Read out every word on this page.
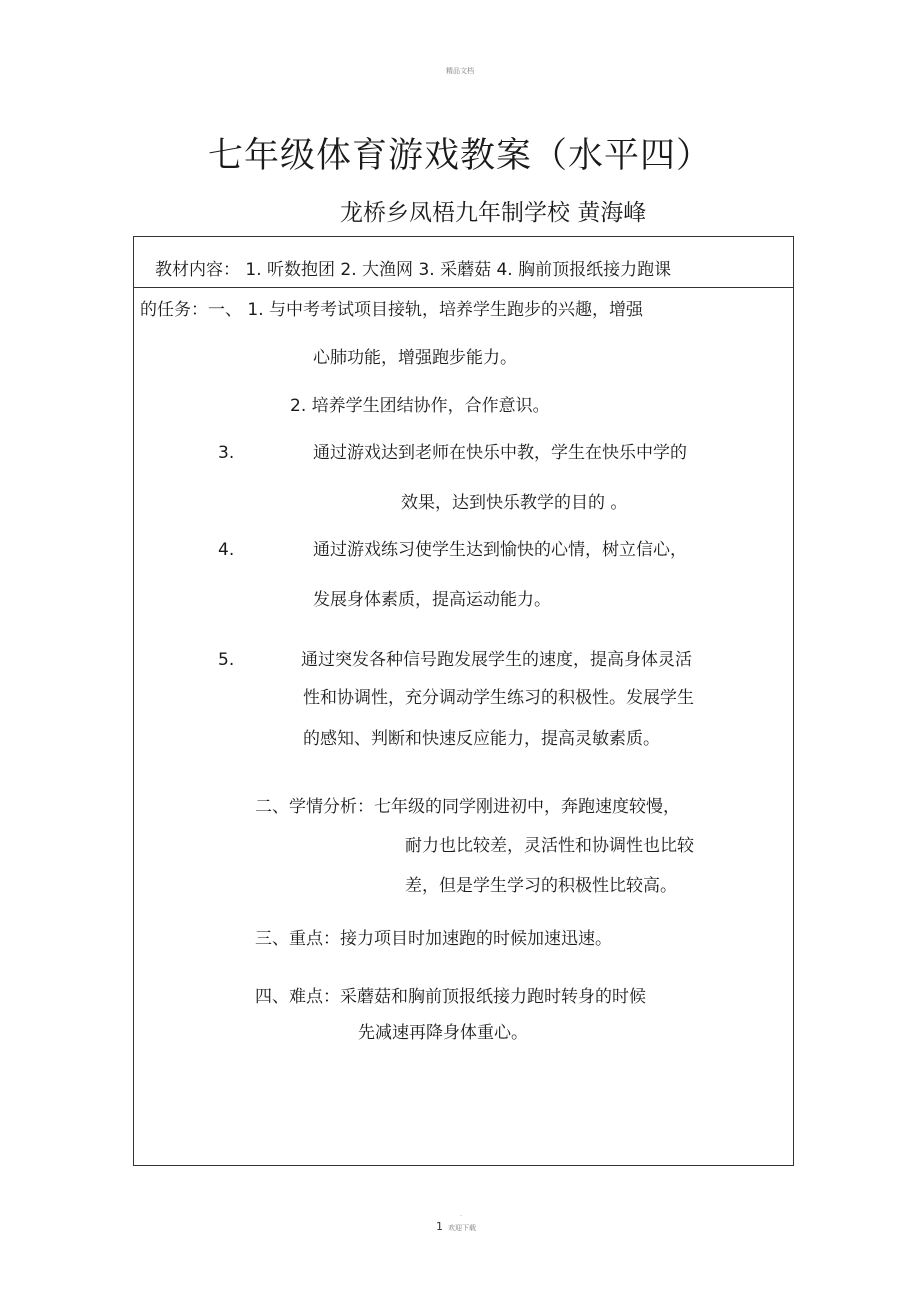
精品文档
七年级体育游戏教案（水平四）
龙桥乡凤梧九年制学校 黄海峰
教材内容： 1. 听数抱团 2. 大渔网 3. 采蘑菇 4. 胸前顶报纸接力跑课
的任务：一、 1. 与中考考试项目接轨，培养学生跑步的兴趣，增强
心肺功能，增强跑步能力。
2. 培养学生团结协作，合作意识。
3.	通过游戏达到老师在快乐中教，学生在快乐中学的
效果，达到快乐教学的目的 。
4.	通过游戏练习使学生达到愉快的心情，树立信心，
发展身体素质，提高运动能力。
5.	通过突发各种信号跑发展学生的速度，提高身体灵活
性和协调性，充分调动学生练习的积极性。发展学生
的感知、判断和快速反应能力，提高灵敏素质。
二、学情分析：七年级的同学刚进初中，奔跑速度较慢，
耐力也比较差，灵活性和协调性也比较
差，但是学生学习的积极性比较高。
三、重点：接力项目时加速跑的时候加速迅速。
四、难点：采蘑菇和胸前顶报纸接力跑时转身的时候
先减速再降身体重心。
.
1 欢迎下载
